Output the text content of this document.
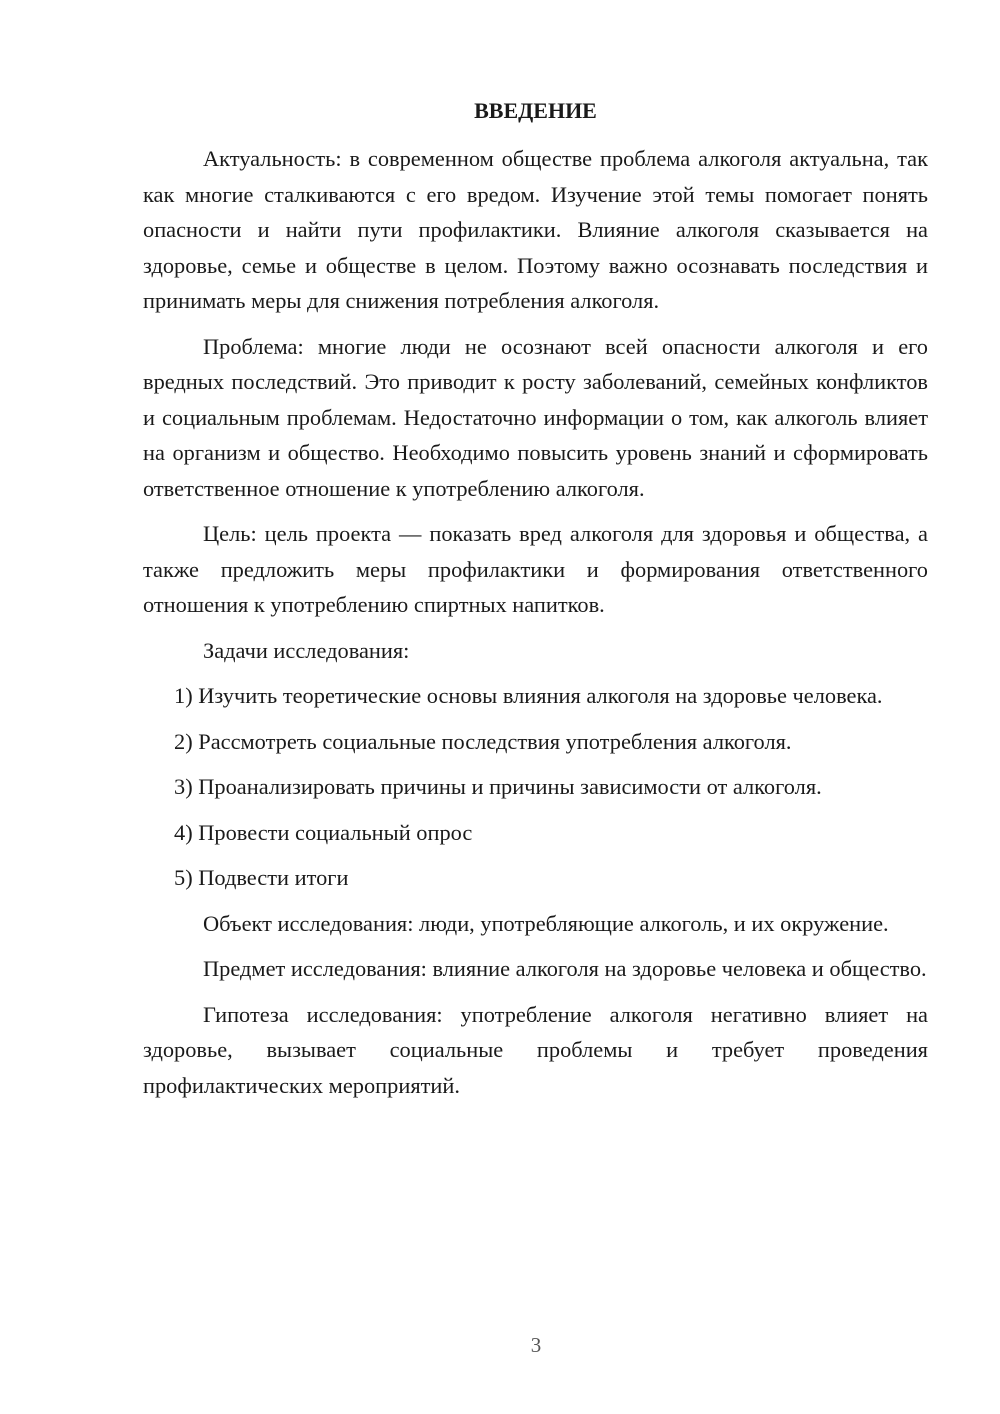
ВВЕДЕНИЕ

Актуальность: в современном обществе проблема алкоголя актуальна, так как многие сталкиваются с его вредом. Изучение этой темы помогает понять опасности и найти пути профилактики. Влияние алкоголя сказывается на здоровье, семье и обществе в целом. Поэтому важно осознавать последствия и принимать меры для снижения потребления алкоголя.

Проблема: многие люди не осознают всей опасности алкоголя и его вредных последствий. Это приводит к росту заболеваний, семейных конфликтов и социальным проблемам. Недостаточно информации о том, как алкоголь влияет на организм и общество. Необходимо повысить уровень знаний и сформировать ответственное отношение к употреблению алкоголя.

Цель: цель проекта — показать вред алкоголя для здоровья и общества, а также предложить меры профилактики и формирования ответственного отношения к употреблению спиртных напитков.

Задачи исследования:

1) Изучить теоретические основы влияния алкоголя на здоровье человека.

2) Рассмотреть социальные последствия употребления алкоголя.

3) Проанализировать причины и причины зависимости от алкоголя.

4) Провести социальный опрос

5) Подвести итоги

Объект исследования: люди, употребляющие алкоголь, и их окружение.

Предмет исследования: влияние алкоголя на здоровье человека и общество.

Гипотеза исследования: употребление алкоголя негативно влияет на здоровье, вызывает социальные проблемы и требует проведения профилактических мероприятий.

3
